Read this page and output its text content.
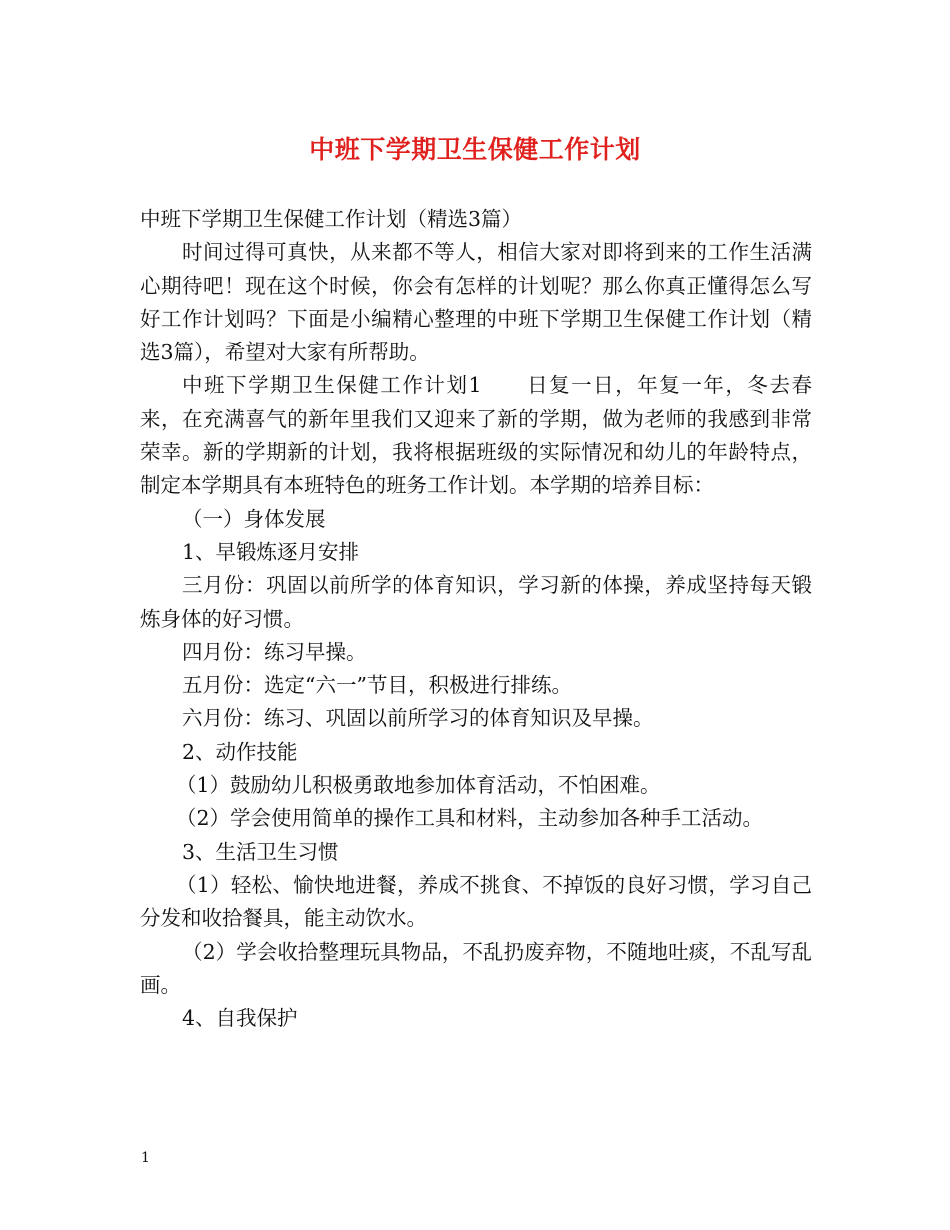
中班下学期卫生保健工作计划

中班下学期卫生保健工作计划（精选3篇）

时间过得可真快，从来都不等人，相信大家对即将到来的工作生活满心期待吧！现在这个时候，你会有怎样的计划呢？那么你真正懂得怎么写好工作计划吗？下面是小编精心整理的中班下学期卫生保健工作计划（精选3篇），希望对大家有所帮助。

中班下学期卫生保健工作计划1 日复一日，年复一年，冬去春来，在充满喜气的新年里我们又迎来了新的学期，做为老师的我感到非常荣幸。新的学期新的计划，我将根据班级的实际情况和幼儿的年龄特点，制定本学期具有本班特色的班务工作计划。本学期的培养目标：

（一）身体发展

1、早锻炼逐月安排

三月份：巩固以前所学的体育知识，学习新的体操，养成坚持每天锻炼身体的好习惯。

四月份：练习早操。

五月份：选定“六一”节目，积极进行排练。

六月份：练习、巩固以前所学习的体育知识及早操。

2、动作技能

（1）鼓励幼儿积极勇敢地参加体育活动，不怕困难。

（2）学会使用简单的操作工具和材料，主动参加各种手工活动。

3、生活卫生习惯

（1）轻松、愉快地进餐，养成不挑食、不掉饭的良好习惯，学习自己分发和收拾餐具，能主动饮水。

（2）学会收拾整理玩具物品，不乱扔废弃物，不随地吐痰，不乱写乱画。

4、自我保护

1
